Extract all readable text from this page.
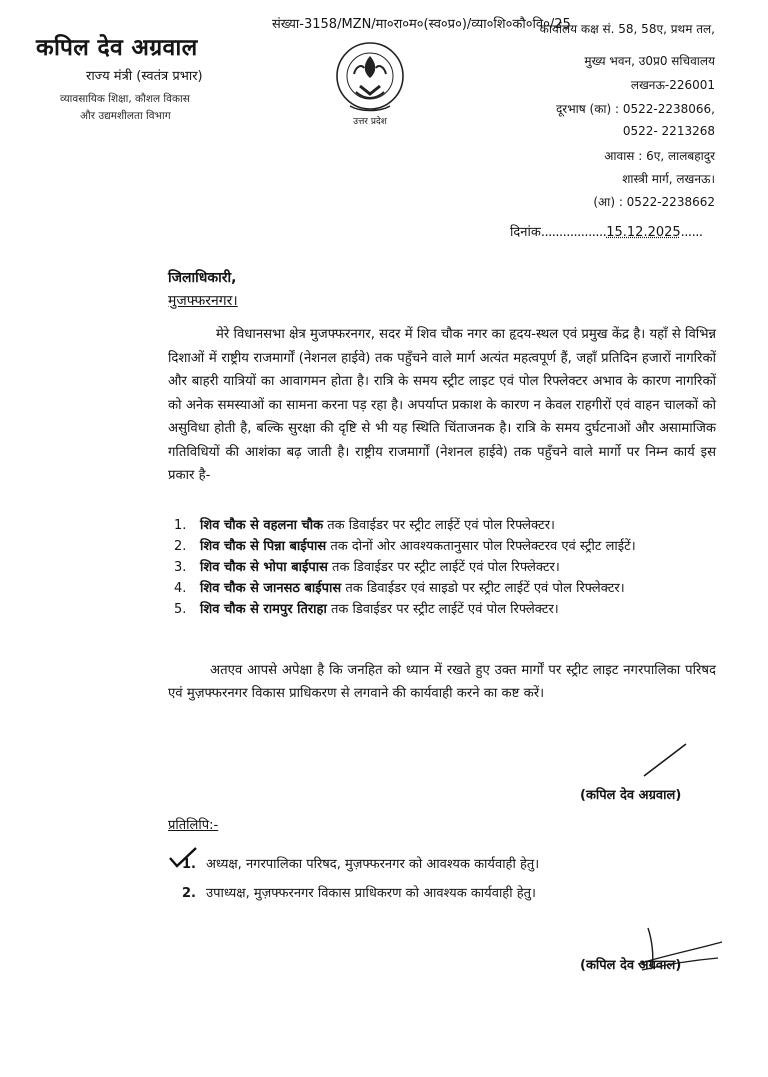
कपिल देव अग्रवाल
राज्य मंत्री (स्वतंत्र प्रभार)
व्यावसायिक शिक्षा, कौशल विकास
और उद्यमशीलता विभाग
संख्या-3158/MZN/मा०रा०म०(स्व०प्र०)/व्या०शि०कौ०वि०/25
उत्तर प्रदेश
कार्यालय कक्ष सं. 58, 58ए, प्रथम तल,
मुख्य भवन, उ0प्र0 सचिवालय
लखनऊ-226001
दूरभाष (का) : 0522-2238066,
0522- 2213268
आवास : 6ए, लालबहादुर
शास्त्री मार्ग, लखनऊ।
(आ) : 0522-2238662
दिनांक..................15.12.2025......
जिलाधिकारी,
मुजफ्फरनगर।
मेरे विधानसभा क्षेत्र मुजफ्फरनगर, सदर में शिव चौक नगर का हृदय-स्थल एवं प्रमुख केंद्र है। यहाँ से विभिन्न दिशाओं में राष्ट्रीय राजमार्गों (नेशनल हाईवे) तक पहुँचने वाले मार्ग अत्यंत महत्वपूर्ण हैं, जहाँ प्रतिदिन हजारों नागरिकों और बाहरी यात्रियों का आवागमन होता है। रात्रि के समय स्ट्रीट लाइट एवं पोल रिफ्लेक्टर अभाव के कारण नागरिकों को अनेक समस्याओं का सामना करना पड़ रहा है। अपर्याप्त प्रकाश के कारण न केवल राहगीरों एवं वाहन चालकों को असुविधा होती है, बल्कि सुरक्षा की दृष्टि से भी यह स्थिति चिंताजनक है। रात्रि के समय दुर्घटनाओं और असामाजिक गतिविधियों की आशंका बढ़ जाती है। राष्ट्रीय राजमार्गों (नेशनल हाईवे) तक पहुँचने वाले मार्गो पर निम्न कार्य इस प्रकार है-
1. शिव चौक से वहलना चौक तक डिवाईडर पर स्ट्रीट लाईटें एवं पोल रिफ्लेक्टर।
2. शिव चौक से पिन्ना बाईपास तक दोनों ओर आवश्यकतानुसार पोल रिफ्लेक्टरव एवं स्ट्रीट लाईटें।
3. शिव चौक से भोपा बाईपास तक डिवाईडर पर स्ट्रीट लाईटें एवं पोल रिफ्लेक्टर।
4. शिव चौक से जानसठ बाईपास तक डिवाईडर एवं साइडो पर स्ट्रीट लाईटें एवं पोल रिफ्लेक्टर।
5. शिव चौक से रामपुर तिराहा तक डिवाईडर पर स्ट्रीट लाईटें एवं पोल रिफ्लेक्टर।
अतएव आपसे अपेक्षा है कि जनहित को ध्यान में रखते हुए उक्त मार्गों पर स्ट्रीट लाइट नगरपालिका परिषद एवं मुज़फ्फरनगर विकास प्राधिकरण से लगवाने की कार्यवाही करने का कष्ट करें।
(कपिल देव अग्रवाल)
प्रतिलिपि:-
1. अध्यक्ष, नगरपालिका परिषद, मुज़फ्फरनगर को आवश्यक कार्यवाही हेतु।
2. उपाध्यक्ष, मुज़फ्फरनगर विकास प्राधिकरण को आवश्यक कार्यवाही हेतु।
(कपिल देव अग्रवाल)
